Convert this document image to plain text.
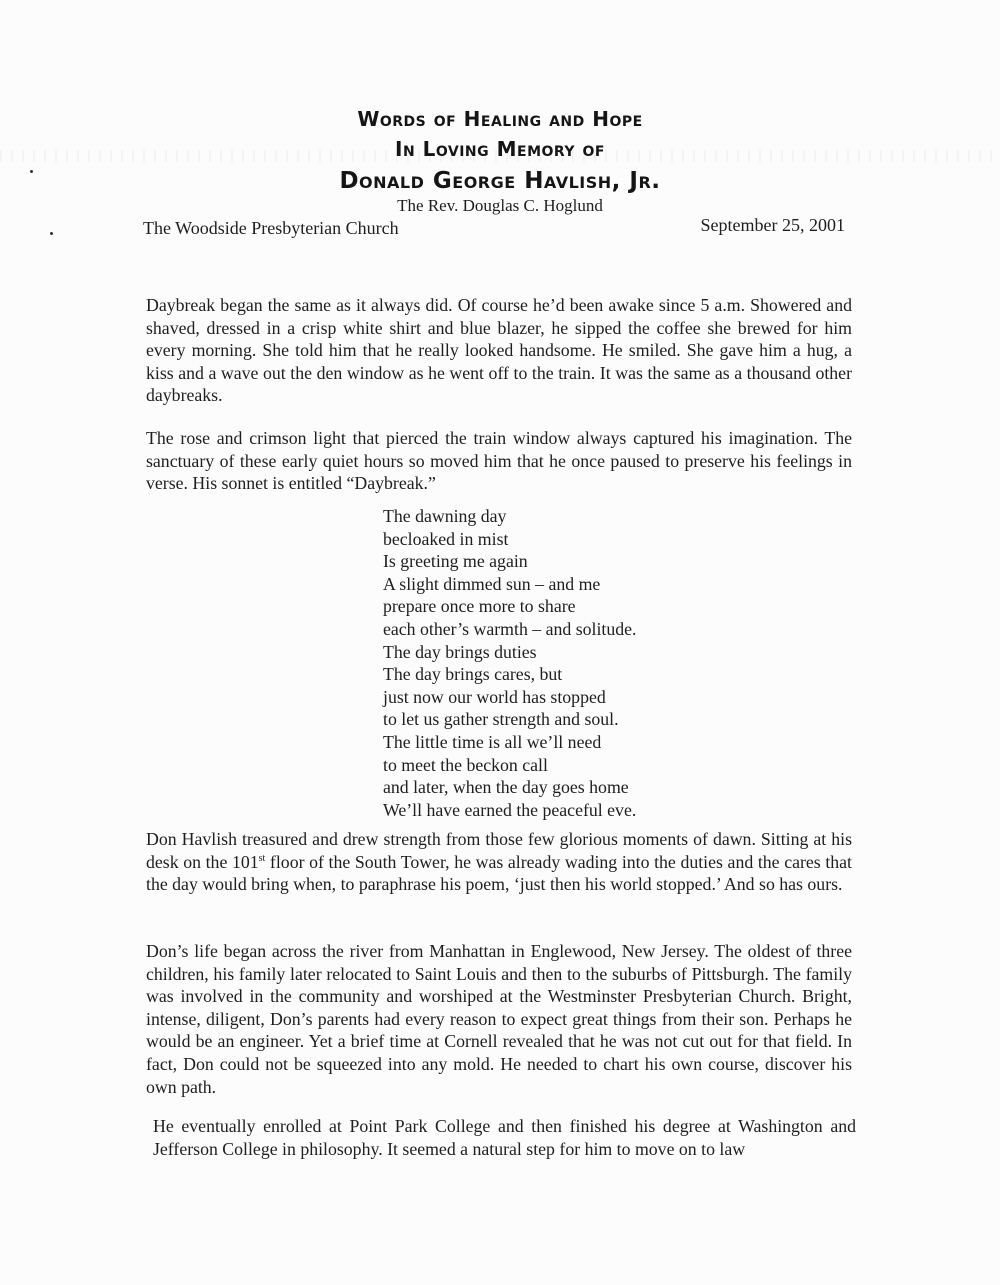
Words of Healing and Hope
In Loving Memory of
Donald George Havlish, Jr.
The Rev. Douglas C. Hoglund
The Woodside Presbyterian Church	September 25, 2001

Daybreak began the same as it always did. Of course he’d been awake since 5 a.m. Showered and shaved, dressed in a crisp white shirt and blue blazer, he sipped the coffee she brewed for him every morning. She told him that he really looked handsome. He smiled. She gave him a hug, a kiss and a wave out the den window as he went off to the train. It was the same as a thousand other daybreaks.

The rose and crimson light that pierced the train window always captured his imagination. The sanctuary of these early quiet hours so moved him that he once paused to preserve his feelings in verse. His sonnet is entitled “Daybreak.”

The dawning day
becloaked in mist
Is greeting me again
A slight dimmed sun – and me
prepare once more to share
each other’s warmth – and solitude.
The day brings duties
The day brings cares, but
just now our world has stopped
to let us gather strength and soul.
The little time is all we’ll need
to meet the beckon call
and later, when the day goes home
We’ll have earned the peaceful eve.

Don Havlish treasured and drew strength from those few glorious moments of dawn. Sitting at his desk on the 101st floor of the South Tower, he was already wading into the duties and the cares that the day would bring when, to paraphrase his poem, ‘just then his world stopped.’ And so has ours.

Don’s life began across the river from Manhattan in Englewood, New Jersey. The oldest of three children, his family later relocated to Saint Louis and then to the suburbs of Pittsburgh. The family was involved in the community and worshiped at the Westminster Presbyterian Church. Bright, intense, diligent, Don’s parents had every reason to expect great things from their son. Perhaps he would be an engineer. Yet a brief time at Cornell revealed that he was not cut out for that field. In fact, Don could not be squeezed into any mold. He needed to chart his own course, discover his own path.

He eventually enrolled at Point Park College and then finished his degree at Washington and Jefferson College in philosophy. It seemed a natural step for him to move on to law
